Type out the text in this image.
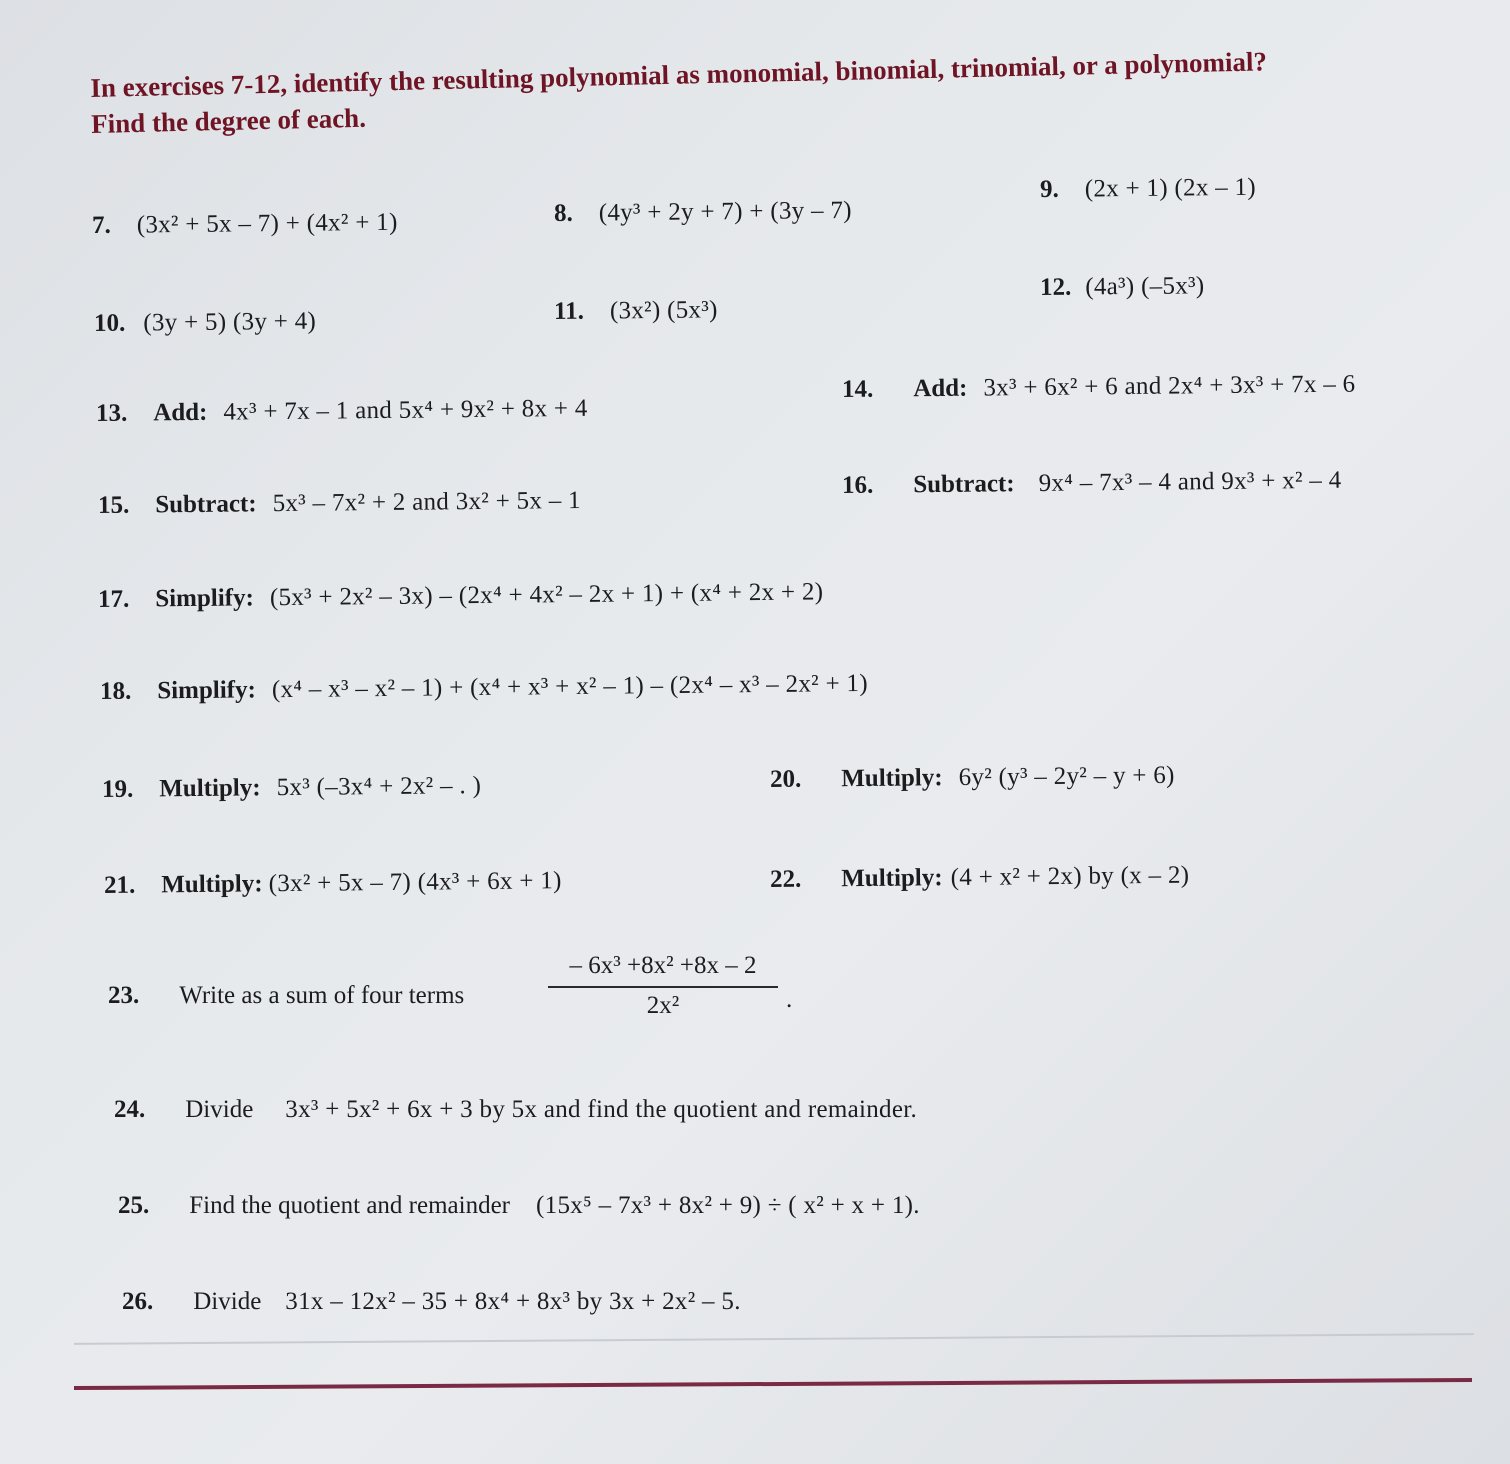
In exercises 7-12, identify the resulting polynomial as monomial, binomial, trinomial, or a polynomial?
Find the degree of each.
7. (3x² + 5x – 7) + (4x² + 1)	8. (4y³ + 2y + 7) + (3y – 7)
9. (2x + 1) (2x – 1)
10. (3y + 5) (3y + 4)	11. (3x²) (5x³)
12. (4a³) (–5x³)
13. Add: 4x³ + 7x – 1 and 5x⁴ + 9x² + 8x + 4
14. Add: 3x³ + 6x² + 6 and 2x⁴ + 3x³ + 7x – 6
15. Subtract: 5x³ – 7x² + 2 and 3x² + 5x – 1
16. Subtract: 9x⁴ – 7x³ – 4 and 9x³ + x² – 4
17. Simplify: (5x³ + 2x² – 3x) – (2x⁴ + 4x² – 2x + 1) + (x⁴ + 2x + 2)
18. Simplify: (x⁴ – x³ – x² – 1) + (x⁴ + x³ + x² – 1) – (2x⁴ – x³ – 2x² + 1)
19. Multiply: 5x³ (–3x⁴ + 2x² – . )	20. Multiply: 6y² (y³ – 2y² – y + 6)
21. Multiply: (3x² + 5x – 7) (4x³ + 6x + 1)	22. Multiply: (4 + x² + 2x) by (x – 2)
23. Write as a sum of four terms	$\frac{\text{– 6x³ +8x² +8x – 2}}{\text{2x²}}$ .
24. Divide 3x³ + 5x² + 6x + 3 by 5x and find the quotient and remainder.
25. Find the quotient and remainder (15x⁵ – 7x³ + 8x² + 9) ÷ ( x² + x + 1).
26. Divide 31x – 12x² – 35 + 8x⁴ + 8x³ by 3x + 2x² – 5.
